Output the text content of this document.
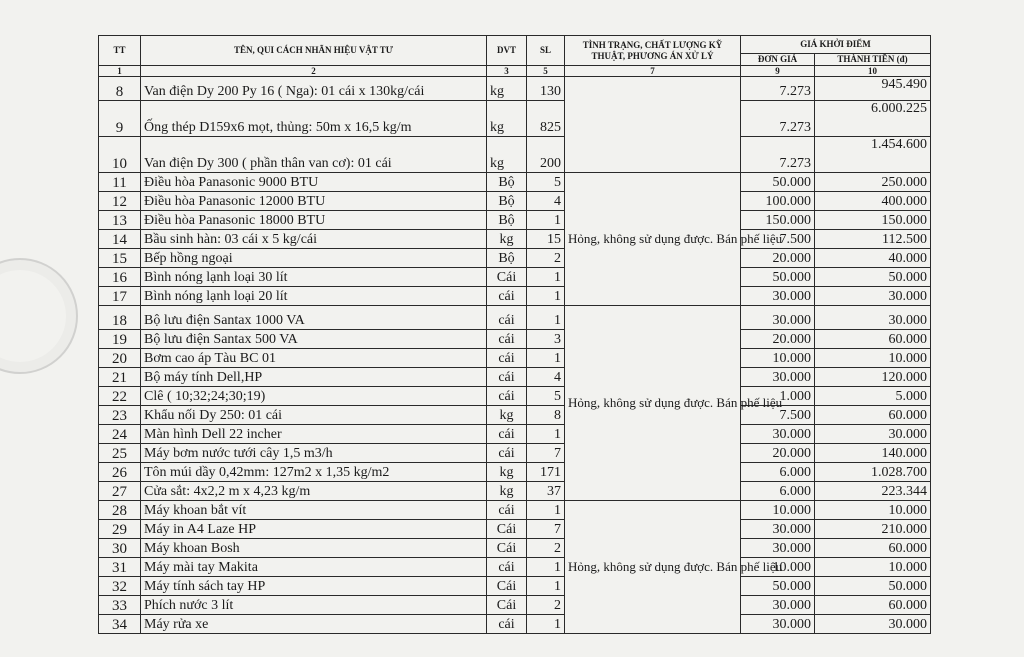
TT	TÊN, QUI CÁCH NHÃN HIỆU VẬT TƯ	DVT	SL	TÌNH TRẠNG, CHẤT LƯỢNG KỸ THUẬT, PHƯƠNG ÁN XỬ LÝ	GIÁ KHỞI ĐIỂM	
					ĐƠN GIÁ	THÀNH TIỀN (đ)
1	2	3	5	7	9	10
8	Van điện Dy 200 Py 16 ( Nga): 01 cái x 130kg/cái	kg	130		7.273	945.490
9	Ống thép D159x6 mọt, thủng: 50m x 16,5 kg/m	kg	825		7.273	6.000.225
10	Van điện Dy 300 ( phần thân van cơ): 01 cái	kg	200		7.273	1.454.600
11	Điều hòa Panasonic 9000 BTU	Bộ	5	Hỏng, không sử dụng được. Bán phế liệu	50.000	250.000
12	Điều hòa Panasonic 12000 BTU	Bộ	4		100.000	400.000
13	Điều hòa Panasonic 18000 BTU	Bộ	1		150.000	150.000
14	Bầu sinh hàn: 03 cái x 5 kg/cái	kg	15		7.500	112.500
15	Bếp hồng ngoại	Bộ	2		20.000	40.000
16	Bình nóng lạnh loại 30 lít	Cái	1		50.000	50.000
17	Bình nóng lạnh loại 20 lít	cái	1		30.000	30.000
18	Bộ lưu điện Santax 1000 VA	cái	1	Hỏng, không sử dụng được. Bán phế liệu	30.000	30.000
19	Bộ lưu điện Santax 500 VA	cái	3		20.000	60.000
20	Bơm cao áp Tàu BC 01	cái	1		10.000	10.000
21	Bộ máy tính Dell,HP	cái	4		30.000	120.000
22	Clê ( 10;32;24;30;19)	cái	5		1.000	5.000
23	Khẩu nối Dy 250: 01 cái	kg	8		7.500	60.000
24	Màn hình Dell 22 incher	cái	1		30.000	30.000
25	Máy bơm nước tưới cây 1,5 m3/h	cái	7		20.000	140.000
26	Tôn múi dầy 0,42mm: 127m2 x 1,35 kg/m2	kg	171		6.000	1.028.700
27	Cửa sắt: 4x2,2 m x 4,23 kg/m	kg	37		6.000	223.344
28	Máy khoan bắt vít	cái	1	Hỏng, không sử dụng được. Bán phế liệu	10.000	10.000
29	Máy in A4 Laze HP	Cái	7		30.000	210.000
30	Máy khoan Bosh	Cái	2		30.000	60.000
31	Máy mài tay Makita	cái	1		10.000	10.000
32	Máy tính sách tay HP	Cái	1		50.000	50.000
33	Phích nước 3 lít	Cái	2		30.000	60.000
34	Máy rửa xe	cái	1		30.000	30.000
